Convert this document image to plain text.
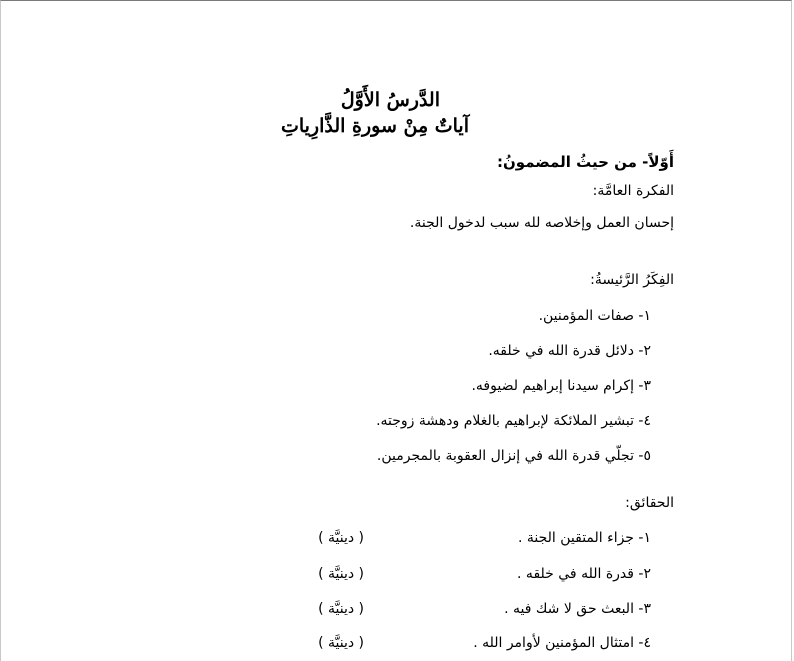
الدَّرسُ الأَوَّلُ
آياتٌ مِنْ سورةِ الذَّارِياتِ
أَوّلاً- من حيثُ المضمونُ:
الفكرة العامَّة:
إحسان العمل وإخلاصه لله سبب لدخول الجنة.
الفِكَرُ الرَّئيسةُ:
١- صفات المؤمنين.
٢- دلائل قدرة الله في خلقه.
٣- إكرام سيدنا إبراهيم لضيوفه.
٤- تبشير الملائكة لإبراهيم بالغلام ودهشة زوجته.
٥- تجلّي قدرة الله في إنزال العقوبة بالمجرمين.
الحقائق:
١- جزاء المتقين الجنة .
( دينيَّة )
٢- قدرة الله في خلقه .
( دينيَّة )
٣- البعث حق لا شك فيه .
( دينيَّة )
٤- امتثال المؤمنين لأوامر الله .
( دينيَّة )
